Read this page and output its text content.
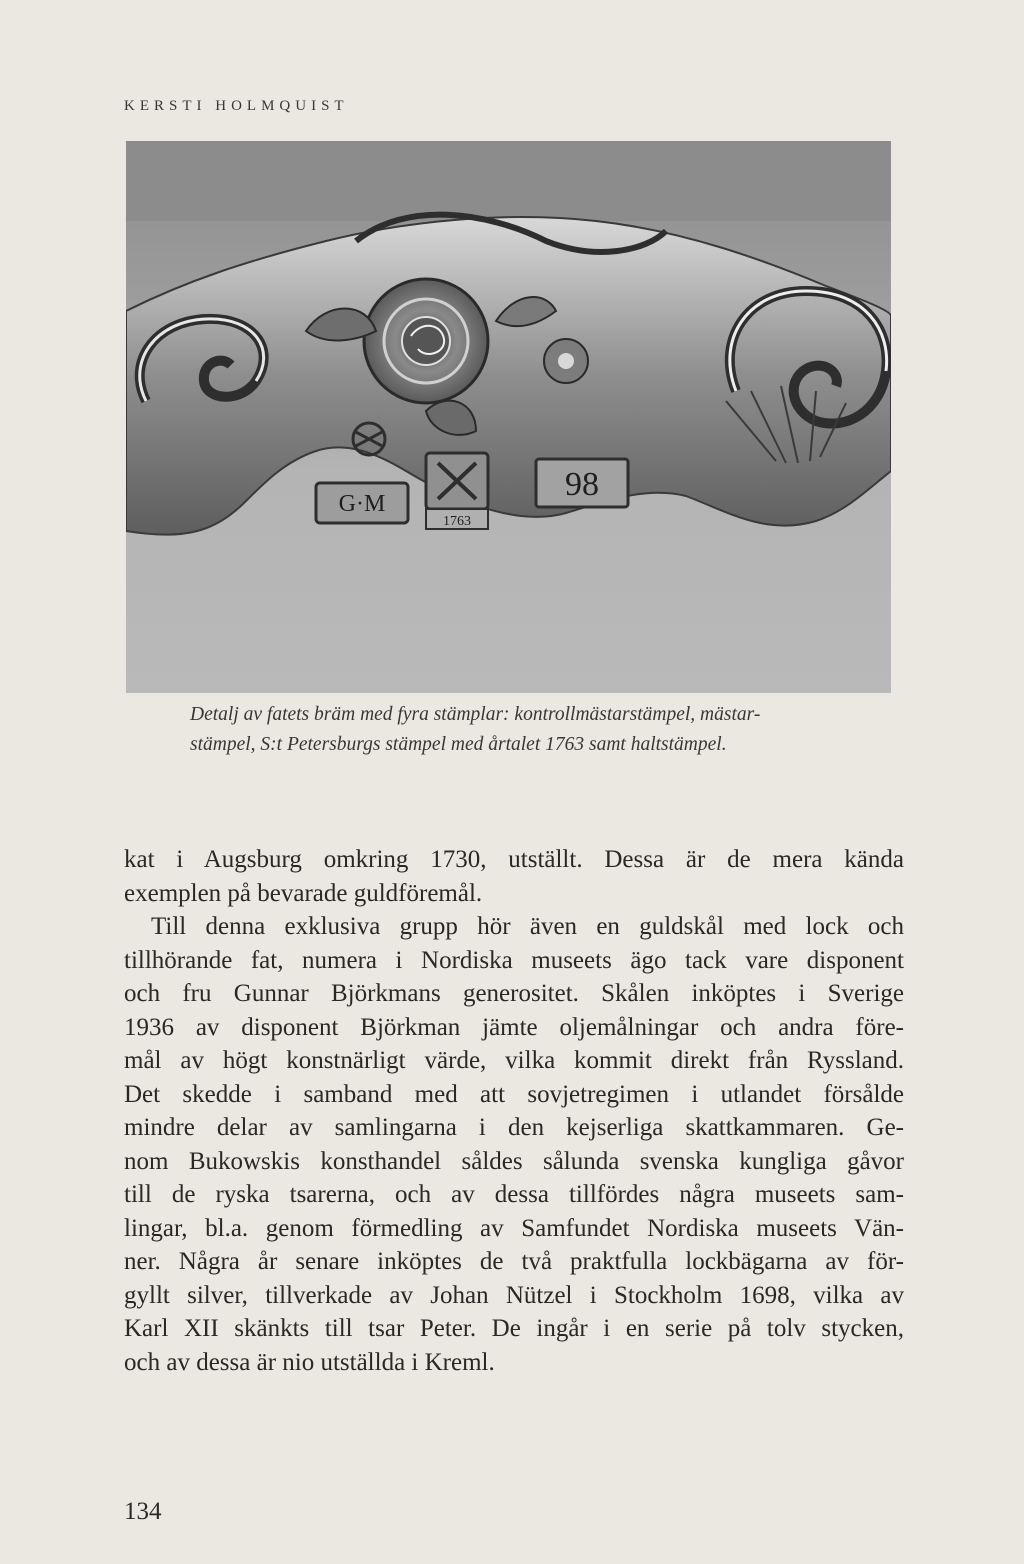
KERSTI HOLMQUIST

G·M
1763
98

Detalj av fatets bräm med fyra stämplar: kontrollmästarstämpel, mästar-
stämpel, S:t Petersburgs stämpel med årtalet 1763 samt haltstämpel.

kat i Augsburg omkring 1730, utställt. Dessa är de mera kända
exemplen på bevarade guldföremål.

Till denna exklusiva grupp hör även en guldskål med lock och
tillhörande fat, numera i Nordiska museets ägo tack vare disponent
och fru Gunnar Björkmans generositet. Skålen inköptes i Sverige
1936 av disponent Björkman jämte oljemålningar och andra före-
mål av högt konstnärligt värde, vilka kommit direkt från Ryssland.
Det skedde i samband med att sovjetregimen i utlandet försålde
mindre delar av samlingarna i den kejserliga skattkammaren. Ge-
nom Bukowskis konsthandel såldes sålunda svenska kungliga gåvor
till de ryska tsarerna, och av dessa tillfördes några museets sam-
lingar, bl.a. genom förmedling av Samfundet Nordiska museets Vän-
ner. Några år senare inköptes de två praktfulla lockbägarna av för-
gyllt silver, tillverkade av Johan Nützel i Stockholm 1698, vilka av
Karl XII skänkts till tsar Peter. De ingår i en serie på tolv stycken,
och av dessa är nio utställda i Kreml.

134
